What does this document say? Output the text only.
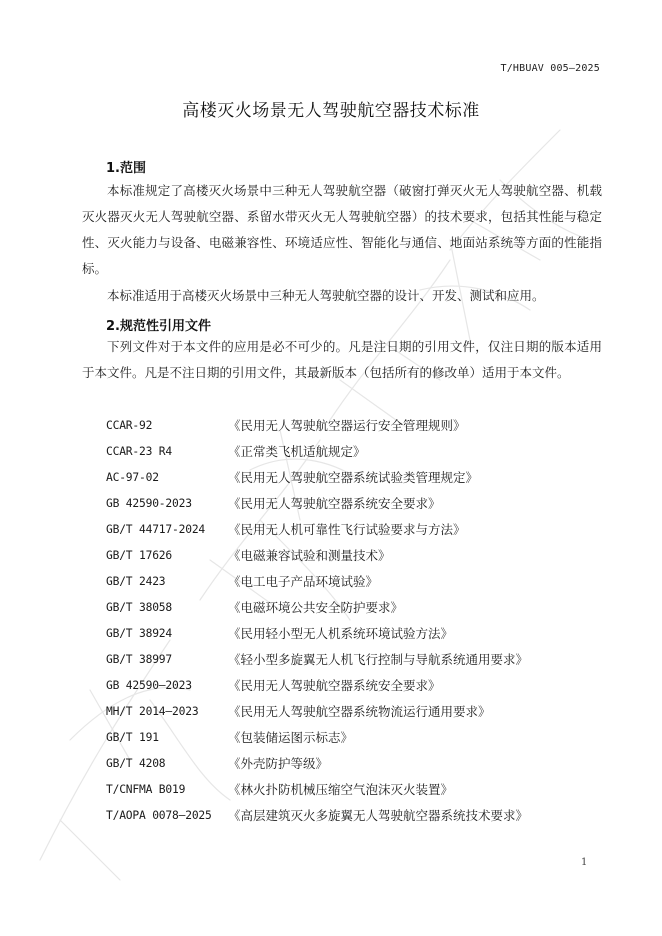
T/HBUAV 005—2025
高楼灭火场景无人驾驶航空器技术标准
1.范围

本标准规定了高楼灭火场景中三种无人驾驶航空器（破窗打弹灭火无人驾驶航空器、机载灭火器灭火无人驾驶航空器、系留水带灭火无人驾驶航空器）的技术要求，包括其性能与稳定性、灭火能力与设备、电磁兼容性、环境适应性、智能化与通信、地面站系统等方面的性能指标。

本标准适用于高楼灭火场景中三种无人驾驶航空器的设计、开发、测试和应用。

2.规范性引用文件

下列文件对于本文件的应用是必不可少的。凡是注日期的引用文件，仅注日期的版本适用于本文件。凡是不注日期的引用文件，其最新版本（包括所有的修改单）适用于本文件。

CCAR-92	《民用无人驾驶航空器运行安全管理规则》
CCAR-23 R4	《正常类飞机适航规定》
AC-97-02	《民用无人驾驶航空器系统试验类管理规定》
GB 42590-2023	《民用无人驾驶航空器系统安全要求》
GB/T 44717-2024	《民用无人机可靠性飞行试验要求与方法》
GB/T 17626	《电磁兼容试验和测量技术》
GB/T 2423	《电工电子产品环境试验》
GB/T 38058	《电磁环境公共安全防护要求》
GB/T 38924	《民用轻小型无人机系统环境试验方法》
GB/T 38997	《轻小型多旋翼无人机飞行控制与导航系统通用要求》
GB 42590—2023	《民用无人驾驶航空器系统安全要求》
MH/T 2014—2023	《民用无人驾驶航空器系统物流运行通用要求》
GB/T 191	《包装储运图示标志》
GB/T 4208	《外壳防护等级》
T/CNFMA B019	《林火扑防机械压缩空气泡沫灭火装置》
T/AOPA 0078—2025	《高层建筑灭火多旋翼无人驾驶航空器系统技术要求》
1
